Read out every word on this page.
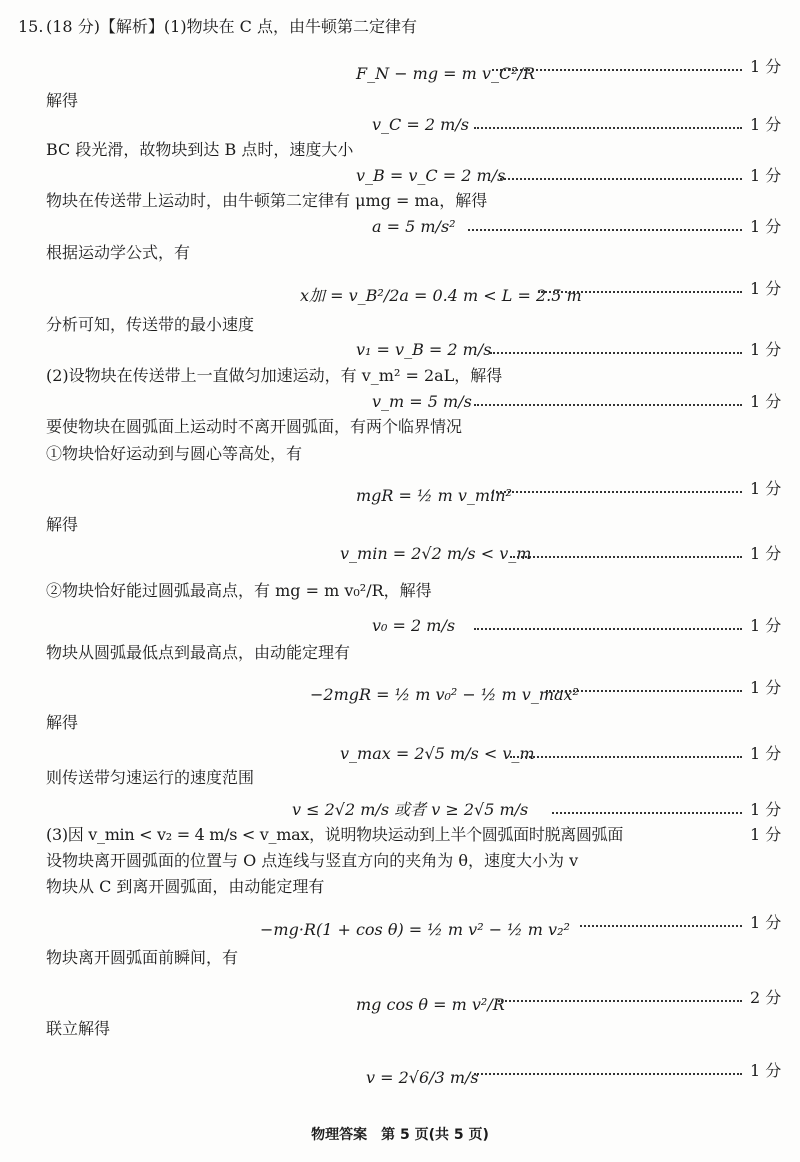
15. (18 分)【解析】(1)物块在 C 点，由牛顿第二定律有
F_N − mg = m v_C²/R	1 分
解得
v_C = 2 m/s	1 分
BC 段光滑，故物块到达 B 点时，速度大小
v_B = v_C = 2 m/s	1 分
物块在传送带上运动时，由牛顿第二定律有 μmg = ma，解得
a = 5 m/s²	1 分
根据运动学公式，有
x加 = v_B²/2a = 0.4 m < L = 2.5 m	1 分
分析可知，传送带的最小速度
v₁ = v_B = 2 m/s	1 分
(2)设物块在传送带上一直做匀加速运动，有 v_m² = 2aL，解得
v_m = 5 m/s	1 分
要使物块在圆弧面上运动时不离开圆弧面，有两个临界情况
①物块恰好运动到与圆心等高处，有
mgR = ½ m v_min²	1 分
解得
v_min = 2√2 m/s < v_m	1 分
②物块恰好能过圆弧最高点，有 mg = m v₀²/R，解得
v₀ = 2 m/s	1 分
物块从圆弧最低点到最高点，由动能定理有
−2mgR = ½ m v₀² − ½ m v_max²	1 分
解得
v_max = 2√5 m/s < v_m	1 分
则传送带匀速运行的速度范围
v ≤ 2√2 m/s 或者 v ≥ 2√5 m/s	1 分
(3)因 v_min < v₂ = 4 m/s < v_max，说明物块运动到上半个圆弧面时脱离圆弧面	1 分
设物块离开圆弧面的位置与 O 点连线与竖直方向的夹角为 θ，速度大小为 v
物块从 C 到离开圆弧面，由动能定理有
−mg·R(1 + cos θ) = ½ m v² − ½ m v₂²	1 分
物块离开圆弧面前瞬间，有
mg cos θ = m v²/R	2 分
联立解得
v = 2√6/3 m/s	1 分
物理答案　第 5 页(共 5 页)
